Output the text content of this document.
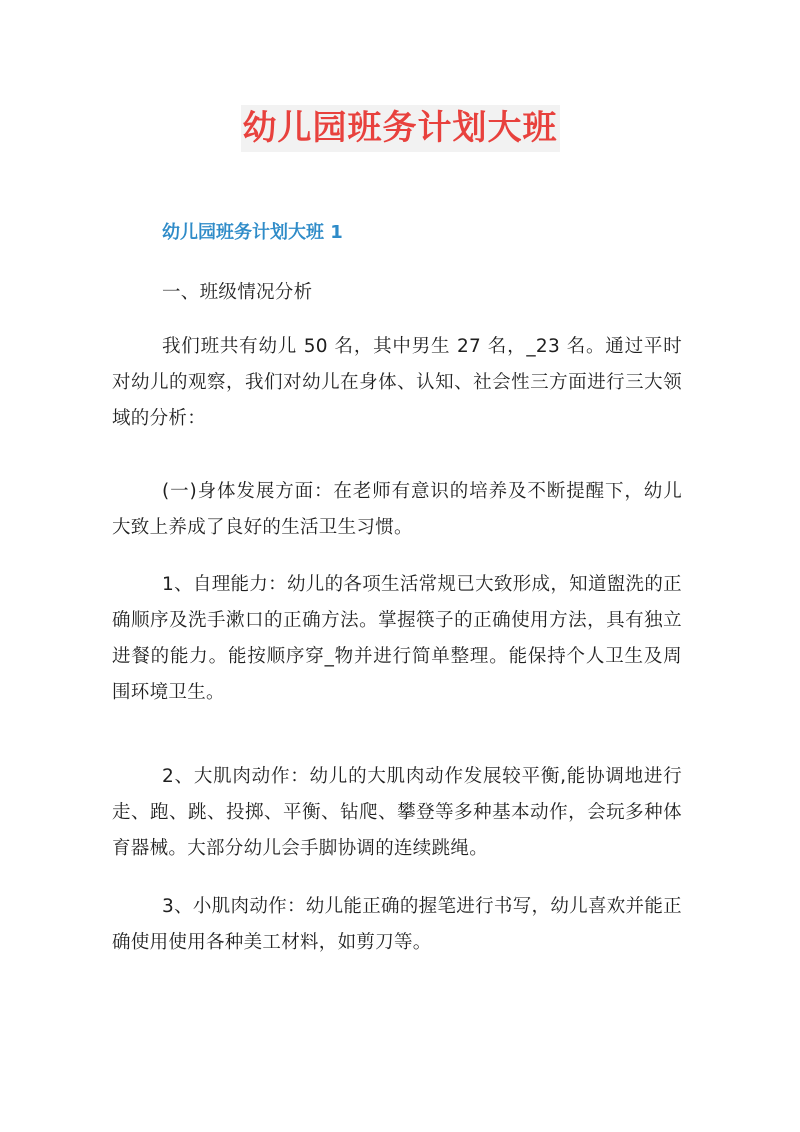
幼儿园班务计划大班
幼儿园班务计划大班 1
一、班级情况分析
我们班共有幼儿 50 名，其中男生 27 名，_23 名。通过平时对幼儿的观察，我们对幼儿在身体、认知、社会性三方面进行三大领域的分析：
(一)身体发展方面：在老师有意识的培养及不断提醒下，幼儿大致上养成了良好的生活卫生习惯。
1、自理能力：幼儿的各项生活常规已大致形成，知道盥洗的正确顺序及洗手漱口的正确方法。掌握筷子的正确使用方法，具有独立进餐的能力。能按顺序穿_物并进行简单整理。能保持个人卫生及周围环境卫生。
2、大肌肉动作：幼儿的大肌肉动作发展较平衡,能协调地进行走、跑、跳、投掷、平衡、钻爬、攀登等多种基本动作，会玩多种体育器械。大部分幼儿会手脚协调的连续跳绳。
3、小肌肉动作：幼儿能正确的握笔进行书写，幼儿喜欢并能正确使用使用各种美工材料，如剪刀等。
